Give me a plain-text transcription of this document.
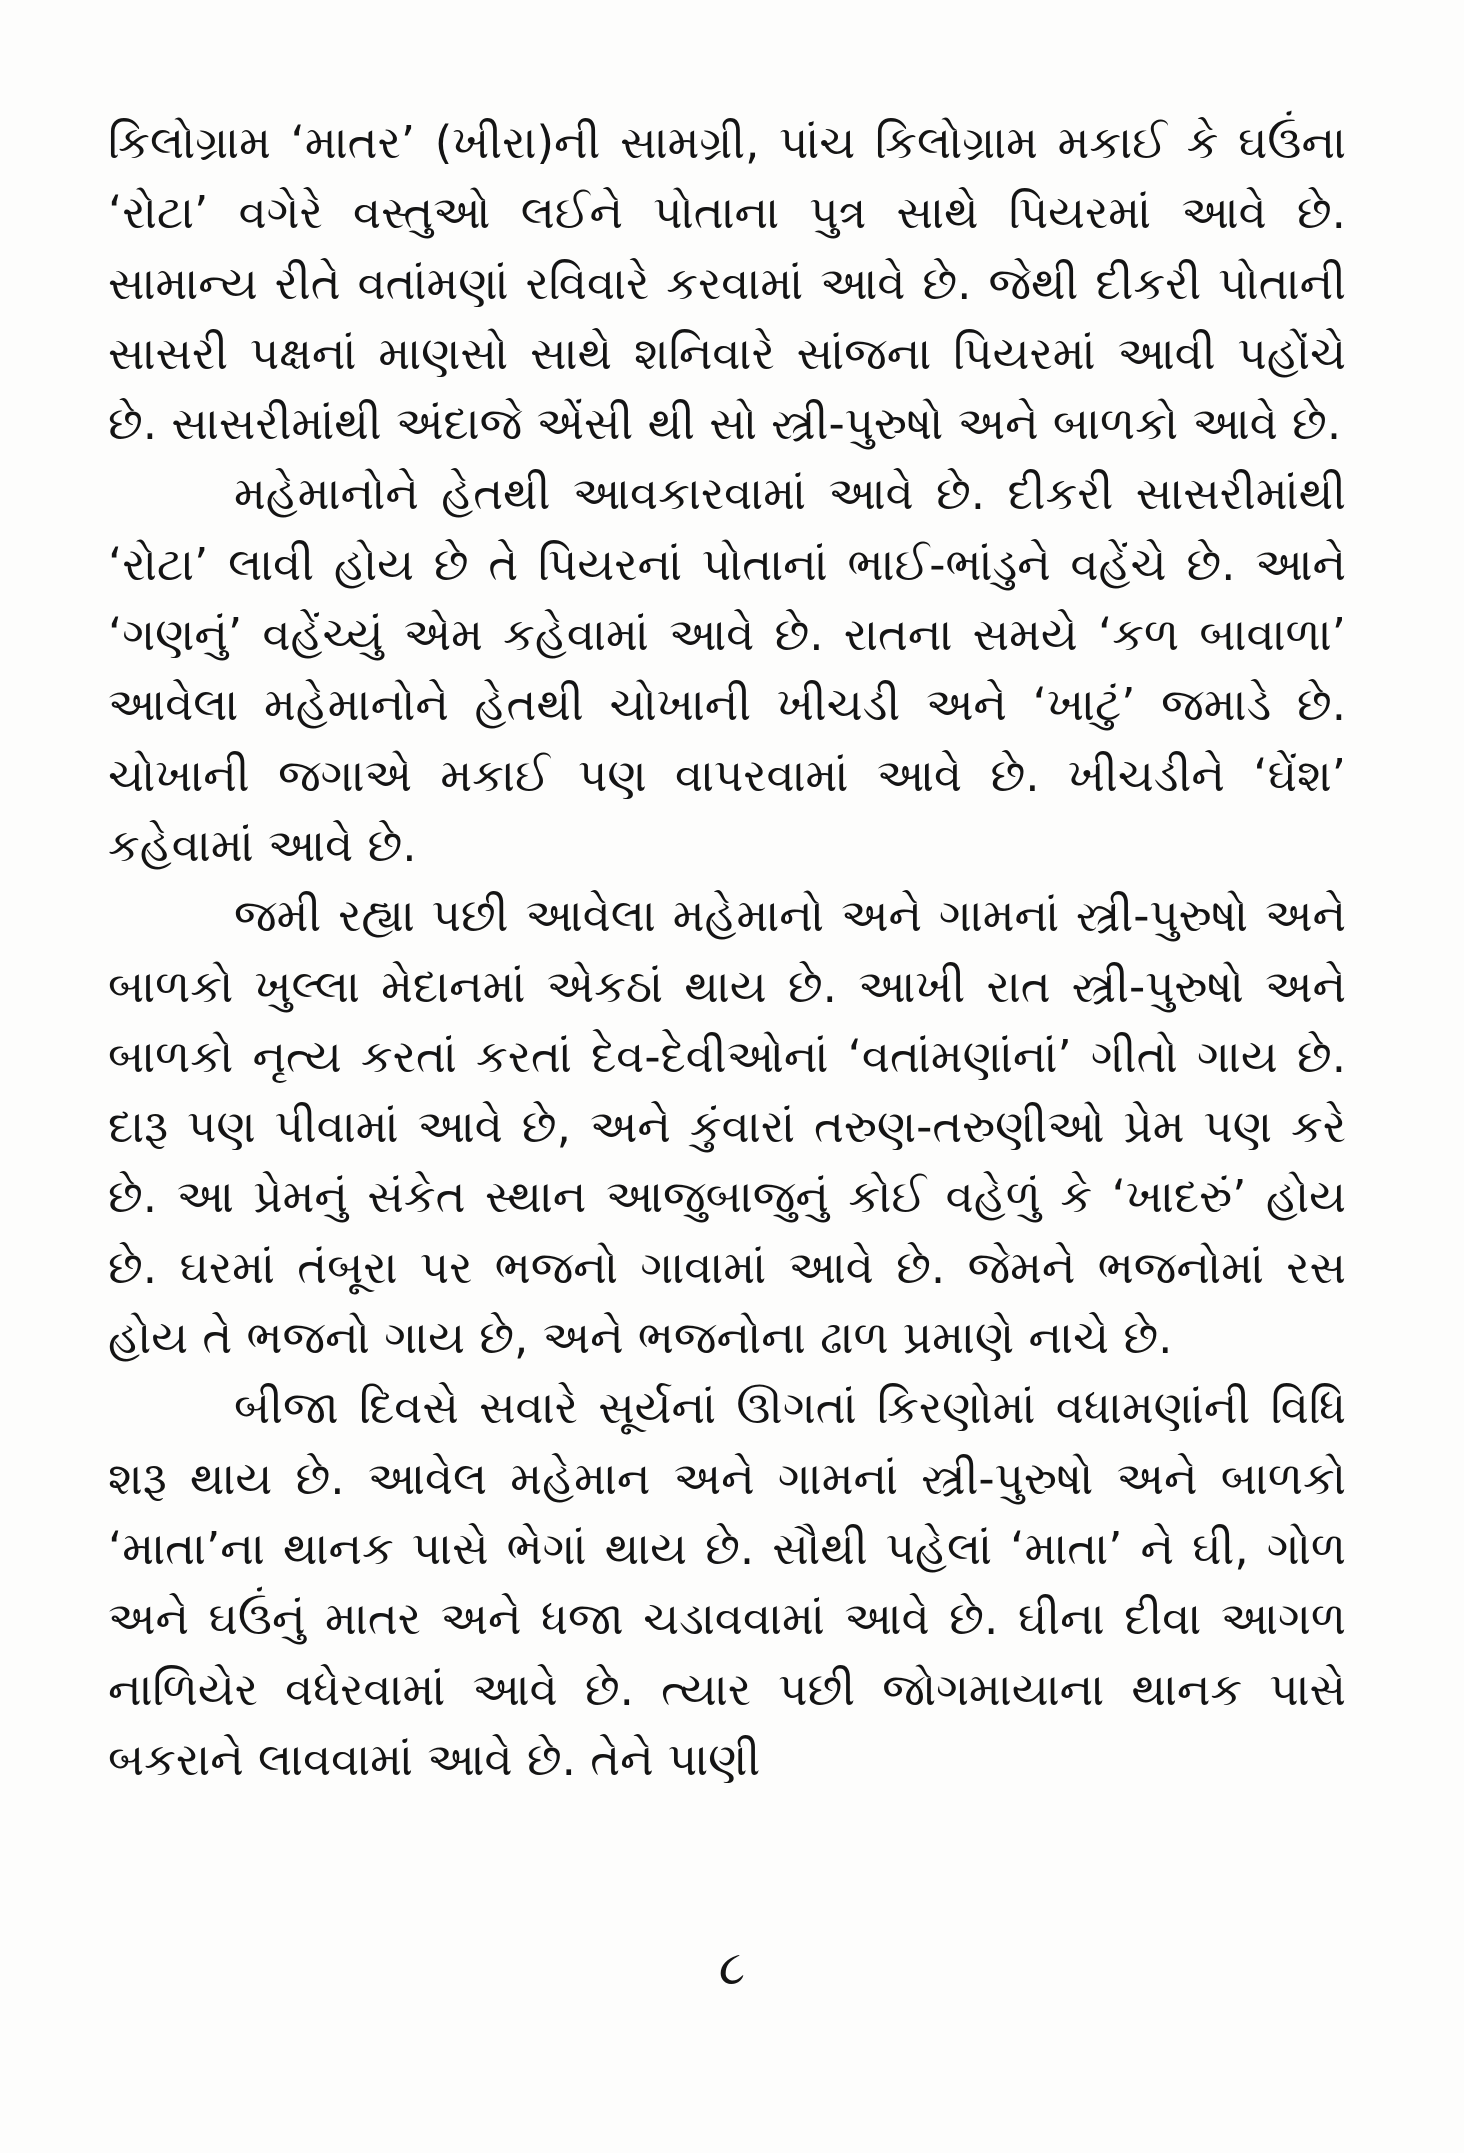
કિલોગ્રામ ‘માતર’ (ખીરા)ની સામગ્રી, પાંચ કિલોગ્રામ મકાઈ કે ઘઉંના ‘રોટા’ વગેરે વસ્તુઓ લઈને પોતાના પુત્ર સાથે પિયરમાં આવે છે. સામાન્ય રીતે વતાંમણાં રવિવારે કરવામાં આવે છે. જેથી દીકરી પોતાની સાસરી પક્ષનાં માણસો સાથે શનિવારે સાંજના પિયરમાં આવી પહોંચે છે. સાસરીમાંથી અંદાજે એંસી થી સો સ્ત્રી-પુરુષો અને બાળકો આવે છે.

મહેમાનોને હેતથી આવકારવામાં આવે છે. દીકરી સાસરીમાંથી ‘રોટા’ લાવી હોય છે તે પિયરનાં પોતાનાં ભાઈ-ભાંડુને વહેંચે છે. આને ‘ગણનું’ વહેંચ્યું એમ કહેવામાં આવે છે. રાતના સમયે ‘કળ બાવાળા’ આવેલા મહેમાનોને હેતથી ચોખાની ખીચડી અને ‘ખાટું’ જમાડે છે. ચોખાની જગાએ મકાઈ પણ વાપરવામાં આવે છે. ખીચડીને ‘ઘેંશ’ કહેવામાં આવે છે.

જમી રહ્યા પછી આવેલા મહેમાનો અને ગામનાં સ્ત્રી-પુરુષો અને બાળકો ખુલ્લા મેદાનમાં એકઠાં થાય છે. આખી રાત સ્ત્રી-પુરુષો અને બાળકો નૃત્ય કરતાં કરતાં દેવ-દેવીઓનાં ‘વતાંમણાંનાં’ ગીતો ગાય છે. દારૂ પણ પીવામાં આવે છે, અને કુંવારાં તરુણ-તરુણીઓ પ્રેમ પણ કરે છે. આ પ્રેમનું સંકેત સ્થાન આજુબાજુનું કોઈ વહેળું કે ‘ખાદરું’ હોય છે. ઘરમાં તંબૂરા પર ભજનો ગાવામાં આવે છે. જેમને ભજનોમાં રસ હોય તે ભજનો ગાય છે, અને ભજનોના ઢાળ પ્રમાણે નાચે છે.

બીજા દિવસે સવારે સૂર્યનાં ઊગતાં કિરણોમાં વધામણાંની વિધિ શરૂ થાય છે. આવેલ મહેમાન અને ગામનાં સ્ત્રી-પુરુષો અને બાળકો ‘માતા’ના થાનક પાસે ભેગાં થાય છે. સૌથી પહેલાં ‘માતા’ ને ઘી, ગોળ અને ઘઉંનું માતર અને ધજા ચડાવવામાં આવે છે. ઘીના દીવા આગળ નાળિયેર વધેરવામાં આવે છે. ત્યાર પછી જોગમાયાના થાનક પાસે બકરાને લાવવામાં આવે છે. તેને પાણી

૮
